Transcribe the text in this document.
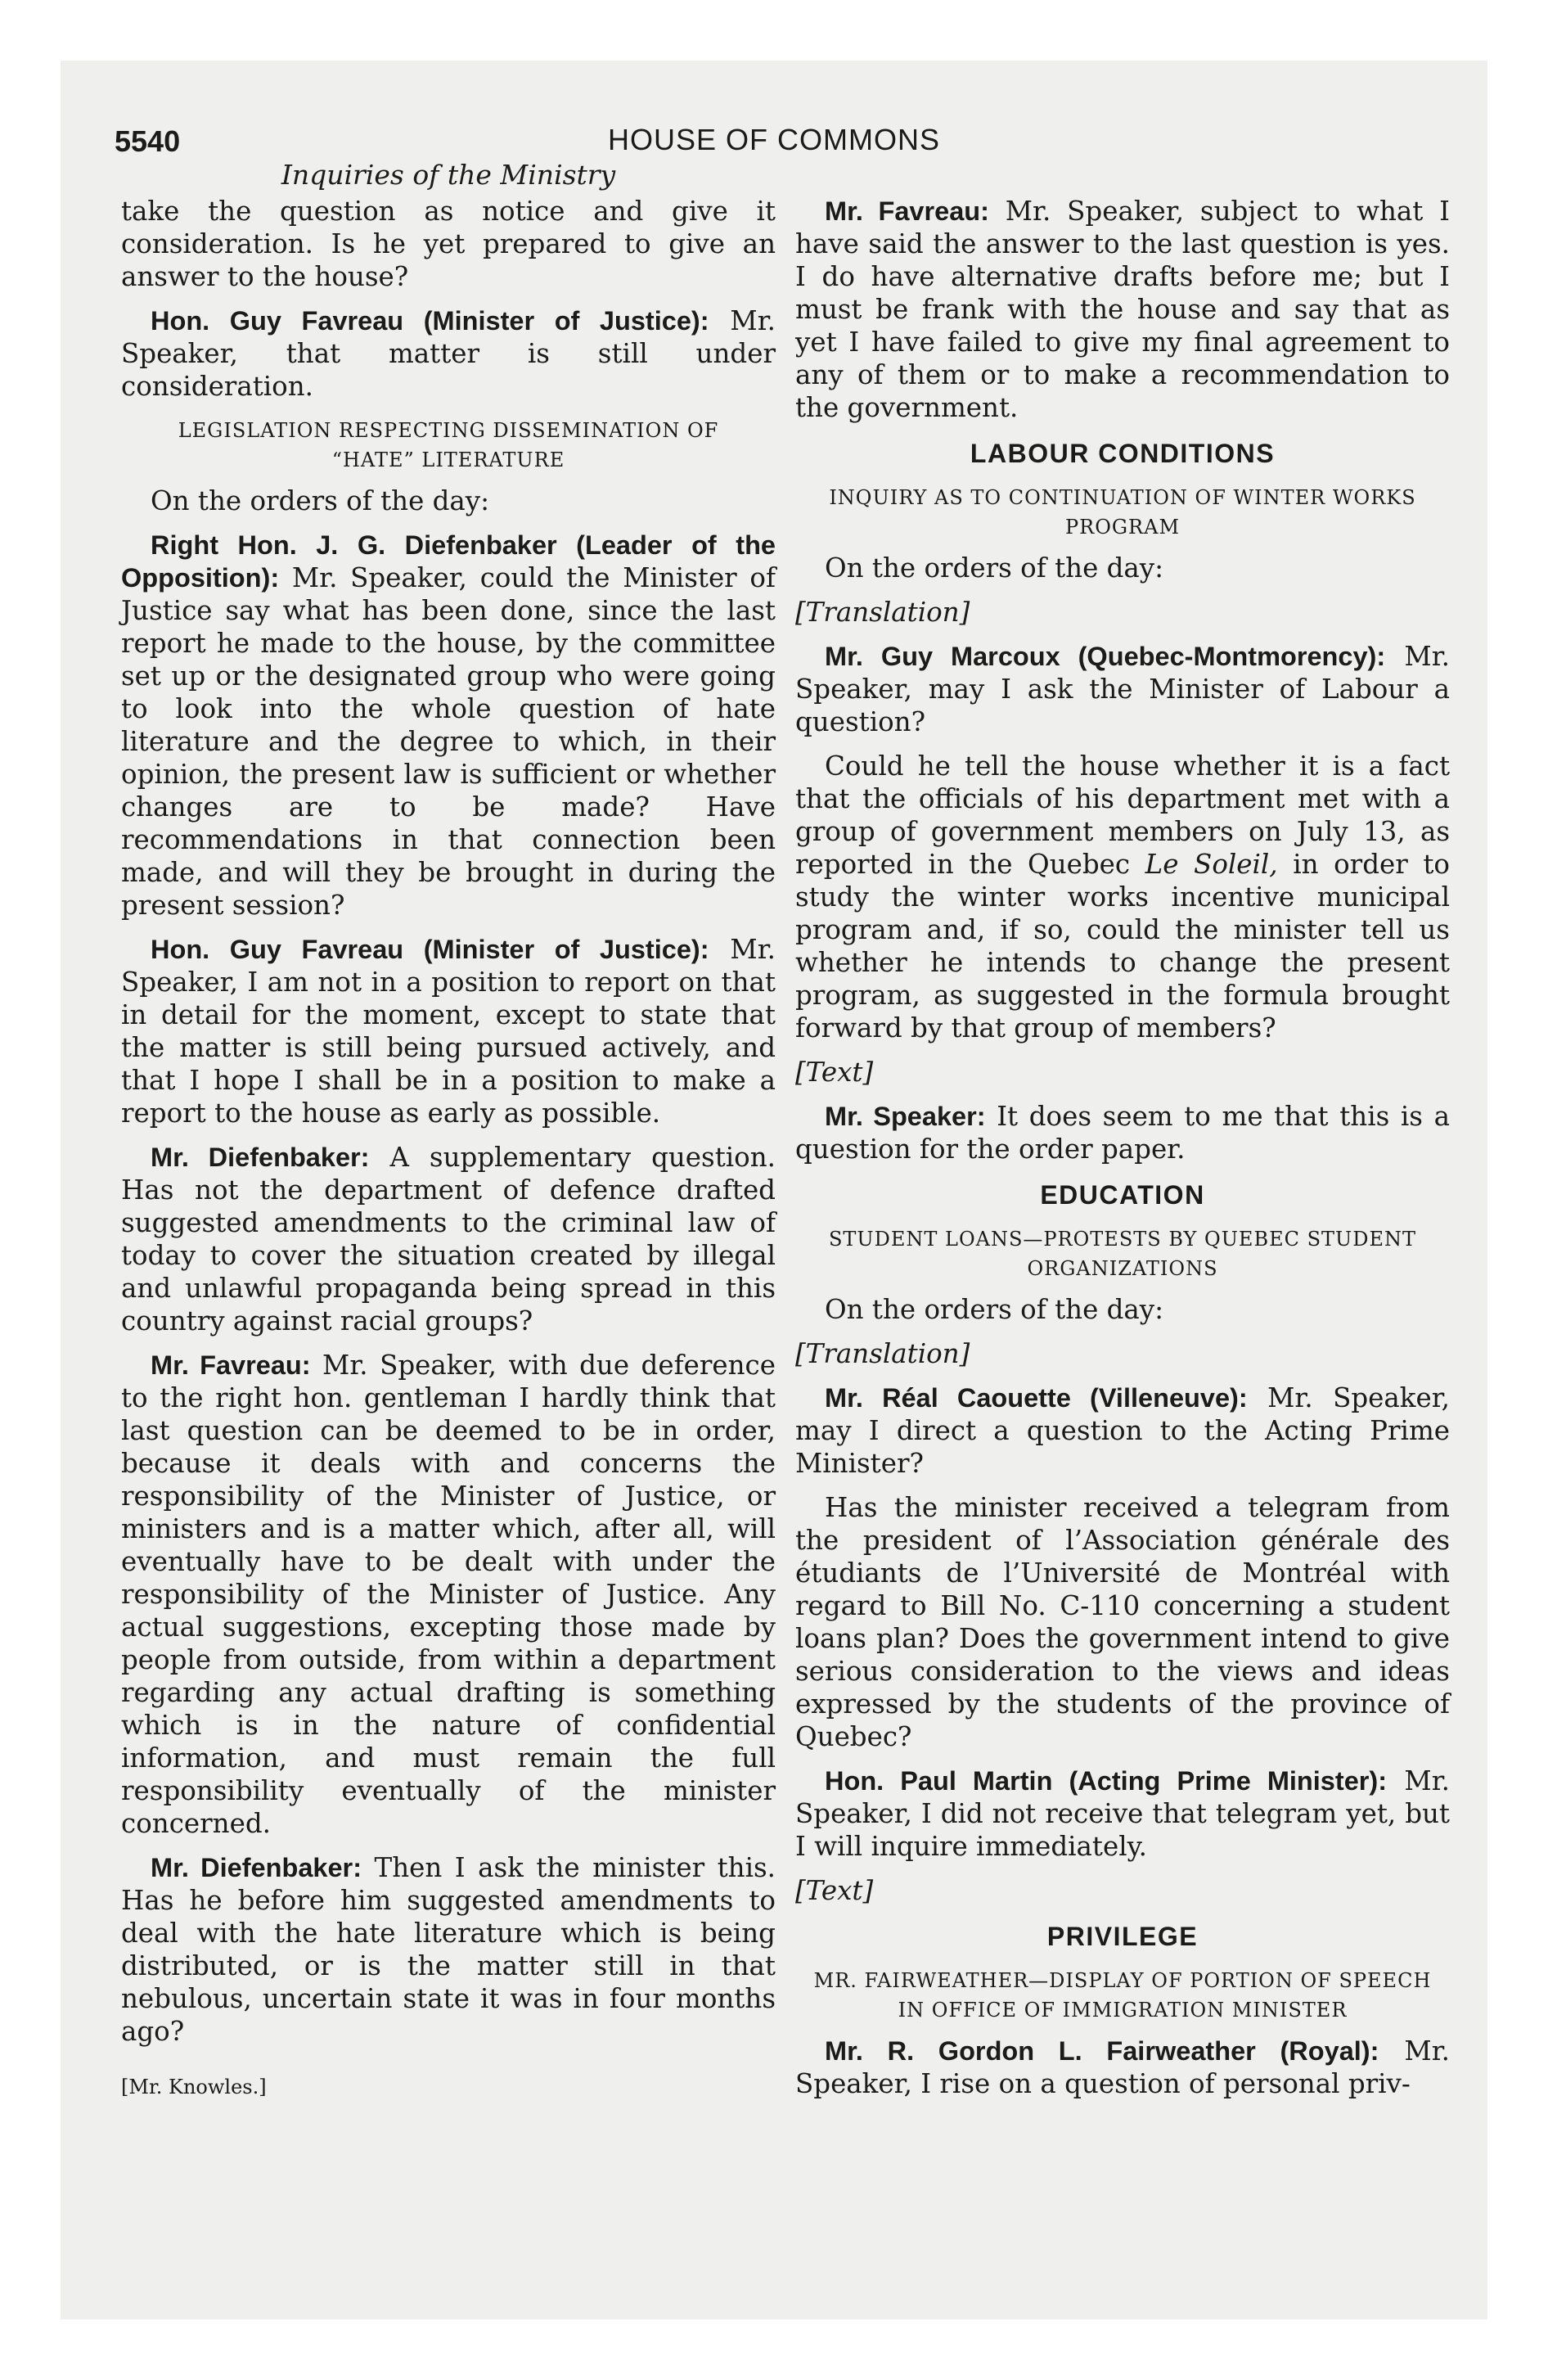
5540	HOUSE OF COMMONS
Inquiries of the Ministry

take the question as notice and give it consideration. Is he yet prepared to give an answer to the house?

Hon. Guy Favreau (Minister of Justice): Mr. Speaker, that matter is still under consideration.

LEGISLATION RESPECTING DISSEMINATION OF “HATE” LITERATURE

On the orders of the day:

Right Hon. J. G. Diefenbaker (Leader of the Opposition): Mr. Speaker, could the Minister of Justice say what has been done, since the last report he made to the house, by the committee set up or the designated group who were going to look into the whole question of hate literature and the degree to which, in their opinion, the present law is sufficient or whether changes are to be made? Have recommendations in that connection been made, and will they be brought in during the present session?

Hon. Guy Favreau (Minister of Justice): Mr. Speaker, I am not in a position to report on that in detail for the moment, except to state that the matter is still being pursued actively, and that I hope I shall be in a position to make a report to the house as early as possible.

Mr. Diefenbaker: A supplementary question. Has not the department of defence drafted suggested amendments to the criminal law of today to cover the situation created by illegal and unlawful propaganda being spread in this country against racial groups?

Mr. Favreau: Mr. Speaker, with due deference to the right hon. gentleman I hardly think that last question can be deemed to be in order, because it deals with and concerns the responsibility of the Minister of Justice, or ministers and is a matter which, after all, will eventually have to be dealt with under the responsibility of the Minister of Justice. Any actual suggestions, excepting those made by people from outside, from within a department regarding any actual drafting is something which is in the nature of confidential information, and must remain the full responsibility eventually of the minister concerned.

Mr. Diefenbaker: Then I ask the minister this. Has he before him suggested amendments to deal with the hate literature which is being distributed, or is the matter still in that nebulous, uncertain state it was in four months ago?

[Mr. Knowles.]

Mr. Favreau: Mr. Speaker, subject to what I have said the answer to the last question is yes. I do have alternative drafts before me; but I must be frank with the house and say that as yet I have failed to give my final agreement to any of them or to make a recommendation to the government.

LABOUR CONDITIONS
INQUIRY AS TO CONTINUATION OF WINTER WORKS PROGRAM

On the orders of the day:

[Translation]

Mr. Guy Marcoux (Quebec-Montmorency): Mr. Speaker, may I ask the Minister of Labour a question?

Could he tell the house whether it is a fact that the officials of his department met with a group of government members on July 13, as reported in the Quebec Le Soleil, in order to study the winter works incentive municipal program and, if so, could the minister tell us whether he intends to change the present program, as suggested in the formula brought forward by that group of members?

[Text]

Mr. Speaker: It does seem to me that this is a question for the order paper.

EDUCATION
STUDENT LOANS—PROTESTS BY QUEBEC STUDENT ORGANIZATIONS

On the orders of the day:

[Translation]

Mr. Réal Caouette (Villeneuve): Mr. Speaker, may I direct a question to the Acting Prime Minister?

Has the minister received a telegram from the president of l’Association générale des étudiants de l’Université de Montréal with regard to Bill No. C-110 concerning a student loans plan? Does the government intend to give serious consideration to the views and ideas expressed by the students of the province of Quebec?

Hon. Paul Martin (Acting Prime Minister): Mr. Speaker, I did not receive that telegram yet, but I will inquire immediately.

[Text]

PRIVILEGE
MR. FAIRWEATHER—DISPLAY OF PORTION OF SPEECH IN OFFICE OF IMMIGRATION MINISTER

Mr. R. Gordon L. Fairweather (Royal): Mr. Speaker, I rise on a question of personal priv-
